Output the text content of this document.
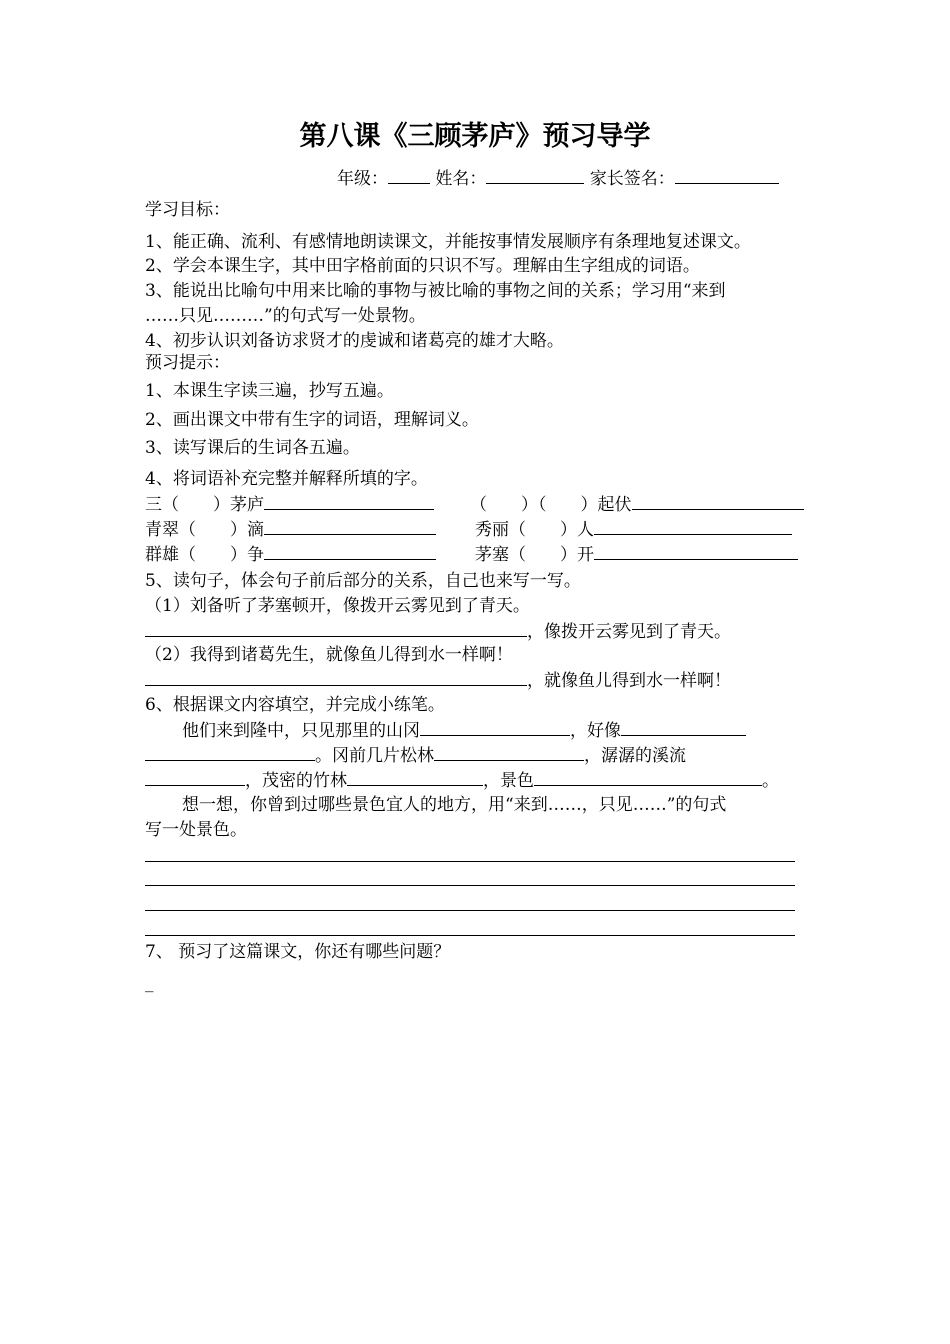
第八课《三顾茅庐》预习导学
年级：	姓名：	家长签名：
学习目标：
1、能正确、流利、有感情地朗读课文，并能按事情发展顺序有条理地复述课文。
2、学会本课生字，其中田字格前面的只识不写。理解由生字组成的词语。
3、能说出比喻句中用来比喻的事物与被比喻的事物之间的关系；学习用“来到
……只见………”的句式写一处景物。
4、初步认识刘备访求贤才的虔诚和诸葛亮的雄才大略。
预习提示：
1、本课生字读三遍，抄写五遍。
2、画出课文中带有生字的词语，理解词义。
3、读写课后的生词各五遍。
4、将词语补充完整并解释所填的字。
三（　　）茅庐	（　　）（　　）起伏
青翠（　　）滴	秀丽（　　）人
群雄（　　）争	茅塞（　　）开
5、读句子，体会句子前后部分的关系，自己也来写一写。
（1）刘备听了茅塞顿开，像拨开云雾见到了青天。
，像拨开云雾见到了青天。
（2）我得到诸葛先生，就像鱼儿得到水一样啊！
，就像鱼儿得到水一样啊！
6、根据课文内容填空，并完成小练笔。
他们来到隆中，只见那里的山冈	，好像
。冈前几片松林	，潺潺的溪流
，茂密的竹林	，景色	。
想一想，你曾到过哪些景色宜人的地方，用“来到……，只见……”的句式
写一处景色。
7、 预习了这篇课文，你还有哪些问题？
_
